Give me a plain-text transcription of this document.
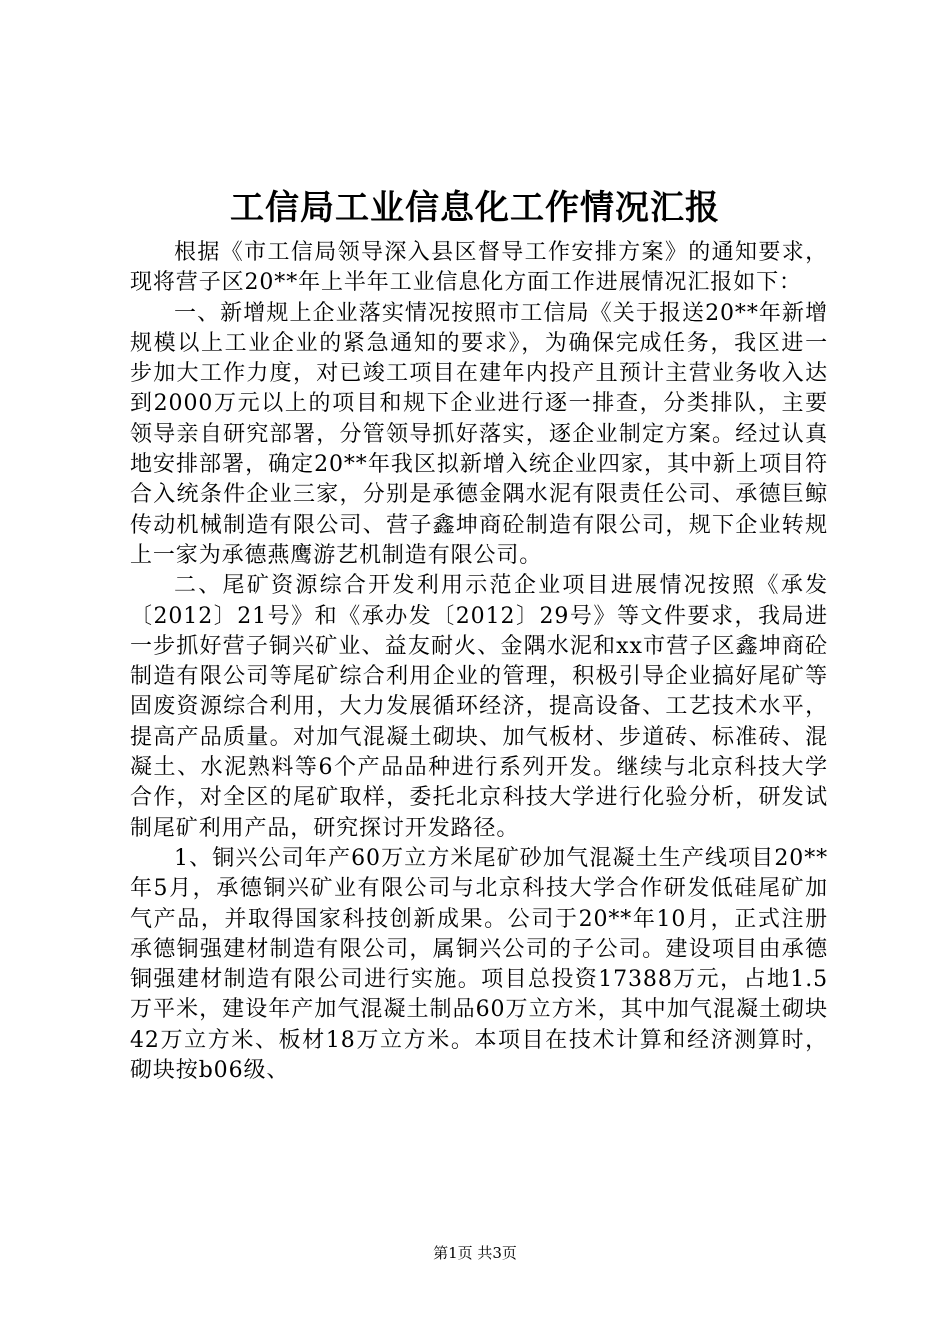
工信局工业信息化工作情况汇报

根据《市工信局领导深入县区督导工作安排方案》的通知要求，现将营子区20**年上半年工业信息化方面工作进展情况汇报如下：

一、新增规上企业落实情况按照市工信局《关于报送20**年新增规模以上工业企业的紧急通知的要求》，为确保完成任务，我区进一步加大工作力度，对已竣工项目在建年内投产且预计主营业务收入达到2000万元以上的项目和规下企业进行逐一排查，分类排队，主要领导亲自研究部署，分管领导抓好落实，逐企业制定方案。经过认真地安排部署，确定20**年我区拟新增入统企业四家，其中新上项目符合入统条件企业三家，分别是承德金隅水泥有限责任公司、承德巨鲸传动机械制造有限公司、营子鑫坤商砼制造有限公司，规下企业转规上一家为承德燕鹰游艺机制造有限公司。

二、尾矿资源综合开发利用示范企业项目进展情况按照《承发〔2012〕21号》和《承办发〔2012〕29号》等文件要求，我局进一步抓好营子铜兴矿业、益友耐火、金隅水泥和xx市营子区鑫坤商砼制造有限公司等尾矿综合利用企业的管理，积极引导企业搞好尾矿等固废资源综合利用，大力发展循环经济，提高设备、工艺技术水平，提高产品质量。对加气混凝土砌块、加气板材、步道砖、标准砖、混凝土、水泥熟料等6个产品品种进行系列开发。继续与北京科技大学合作，对全区的尾矿取样，委托北京科技大学进行化验分析，研发试制尾矿利用产品，研究探讨开发路径。

1、铜兴公司年产60万立方米尾矿砂加气混凝土生产线项目20**年5月，承德铜兴矿业有限公司与北京科技大学合作研发低硅尾矿加气产品，并取得国家科技创新成果。公司于20**年10月，正式注册承德铜强建材制造有限公司，属铜兴公司的子公司。建设项目由承德铜强建材制造有限公司进行实施。项目总投资17388万元，占地1.5万平米，建设年产加气混凝土制品60万立方米，其中加气混凝土砌块42万立方米、板材18万立方米。本项目在技术计算和经济测算时，砌块按b06级、

第1页 共3页
